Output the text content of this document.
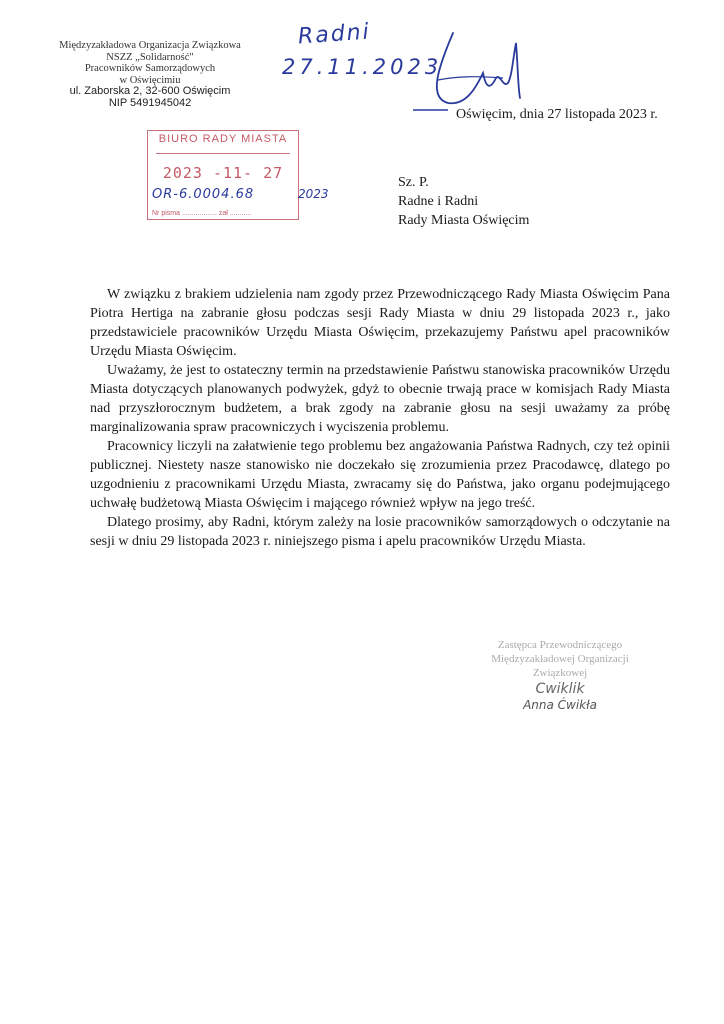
Międzyzakładowa Organizacja Związkowa
NSZZ „Solidarność"
Pracowników Samorządowych
w Oświęcimiu
ul. Zaborska 2, 32-600 Oświęcim
NIP 5491945042
Radni
27.11.2023
Oświęcim, dnia 27 listopada 2023 r.
BIURO RADY MIASTA
2023 -11- 27
Nr pisma .................. zał ...........
OR-6.0004.68	2023
Sz. P.
Radne i Radni
Rady Miasta Oświęcim

W związku z brakiem udzielenia nam zgody przez Przewodniczącego Rady Miasta Oświęcim Pana Piotra Hertiga na zabranie głosu podczas sesji Rady Miasta w dniu 29 listopada 2023 r., jako przedstawiciele pracowników Urzędu Miasta Oświęcim, przekazujemy Państwu apel pracowników Urzędu Miasta Oświęcim.

Uważamy, że jest to ostateczny termin na przedstawienie Państwu stanowiska pracowników Urzędu Miasta dotyczących planowanych podwyżek, gdyż to obecnie trwają prace w komisjach Rady Miasta nad przyszłorocznym budżetem, a brak zgody na zabranie głosu na sesji uważamy za próbę marginalizowania spraw pracowniczych i wyciszenia problemu.

Pracownicy liczyli na załatwienie tego problemu bez angażowania Państwa Radnych, czy też opinii publicznej. Niestety nasze stanowisko nie doczekało się zrozumienia przez Pracodawcę, dlatego po uzgodnieniu z pracownikami Urzędu Miasta, zwracamy się do Państwa, jako organu podejmującego uchwałę budżetową Miasta Oświęcim i mającego również wpływ na jego treść.

Dlatego prosimy, aby Radni, którym zależy na losie pracowników samorządowych o odczytanie na sesji w dniu 29 listopada 2023 r. niniejszego pisma i apelu pracowników Urzędu Miasta.

Zastępca Przewodniczącego
Międzyzakładowej Organizacji Związkowej
Cwiklik
Anna Ćwikła
